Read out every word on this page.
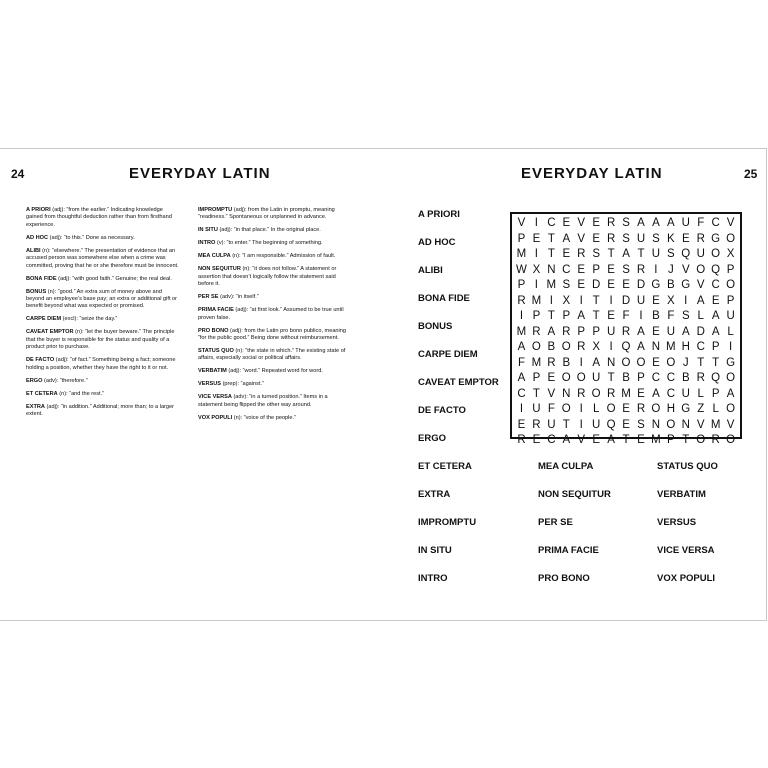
24	EVERYDAY LATIN
A PRIORI (adj): “from the earlier.” Indicating knowledge gained from thoughtful deduction rather than from firsthand experience.
AD HOC (adj): “to this.” Done as necessary.
ALIBI (n): “elsewhere.” The presentation of evidence that an accused person was somewhere else when a crime was committed, proving that he or she therefore must be innocent.
BONA FIDE (adj): “with good faith.” Genuine; the real deal.
BONUS (n): “good.” An extra sum of money above and beyond an employee’s base pay; an extra or additional gift or benefit beyond what was expected or promised.
CARPE DIEM (excl): “seize the day.”
CAVEAT EMPTOR (n): “let the buyer beware.” The principle that the buyer is responsible for the status and quality of a product prior to purchase.
DE FACTO (adj): “of fact.” Something being a fact; someone holding a position, whether they have the right to it or not.
ERGO (adv): “therefore.”
ET CETERA (n): “and the rest.”
EXTRA (adj): “in addition.” Additional; more than; to a larger extent.
IMPROMPTU (adj): from the Latin in promptu, meaning “readiness.” Spontaneous or unplanned in advance.
IN SITU (adj): “in that place.” In the original place.
INTRO (v): “to enter.” The beginning of something.
MEA CULPA (n): “I am responsible.” Admission of fault.
NON SEQUITUR (n): “it does not follow.” A statement or assertion that doesn’t logically follow the statement said before it.
PER SE (adv): “in itself.”
PRIMA FACIE (adj): “at first look.” Assumed to be true until proven false.
PRO BONO (adj): from the Latin pro bono publico, meaning “for the public good.” Being done without reimbursement.
STATUS QUO (n): “the state in which.” The existing state of affairs, especially social or political affairs.
VERBATIM (adj): “word.” Repeated word for word.
VERSUS (prep): “against.”
VICE VERSA (adv): “in a turned position.” Items in a statement being flipped the other way around.
VOX POPULI (n): “voice of the people.”
EVERYDAY LATIN	25
A PRIORI
AD HOC
ALIBI
BONA FIDE
BONUS
CARPE DIEM
CAVEAT EMPTOR
DE FACTO
ERGO
ET CETERA
EXTRA
IMPROMPTU
IN SITU
INTRO
V I C E V E R S A A A U F C V
P E T A V E R S U S K E R G O
M I T E R S T A T U S Q U O X
W X N C E P E S R I J V O Q P
P I M S E D E E D G B G V C O
R M I X I T I D U E X I A E P
I P T P A T E F I B F S L A U
M R A R P P U R A E U A D A L
A O B O R X I Q A N M H C P I
F M R B I A N O O E O J T T G
A P E O O U T B P C C B R Q O
C T V N R O R M E A C U L P A
I U F O I L O E R O H G Z L O
E R U T I U Q E S N O N V M V
R E C A V E A T E M P T O R O
MEA CULPA
NON SEQUITUR
PER SE
PRIMA FACIE
PRO BONO
STATUS QUO
VERBATIM
VERSUS
VICE VERSA
VOX POPULI
